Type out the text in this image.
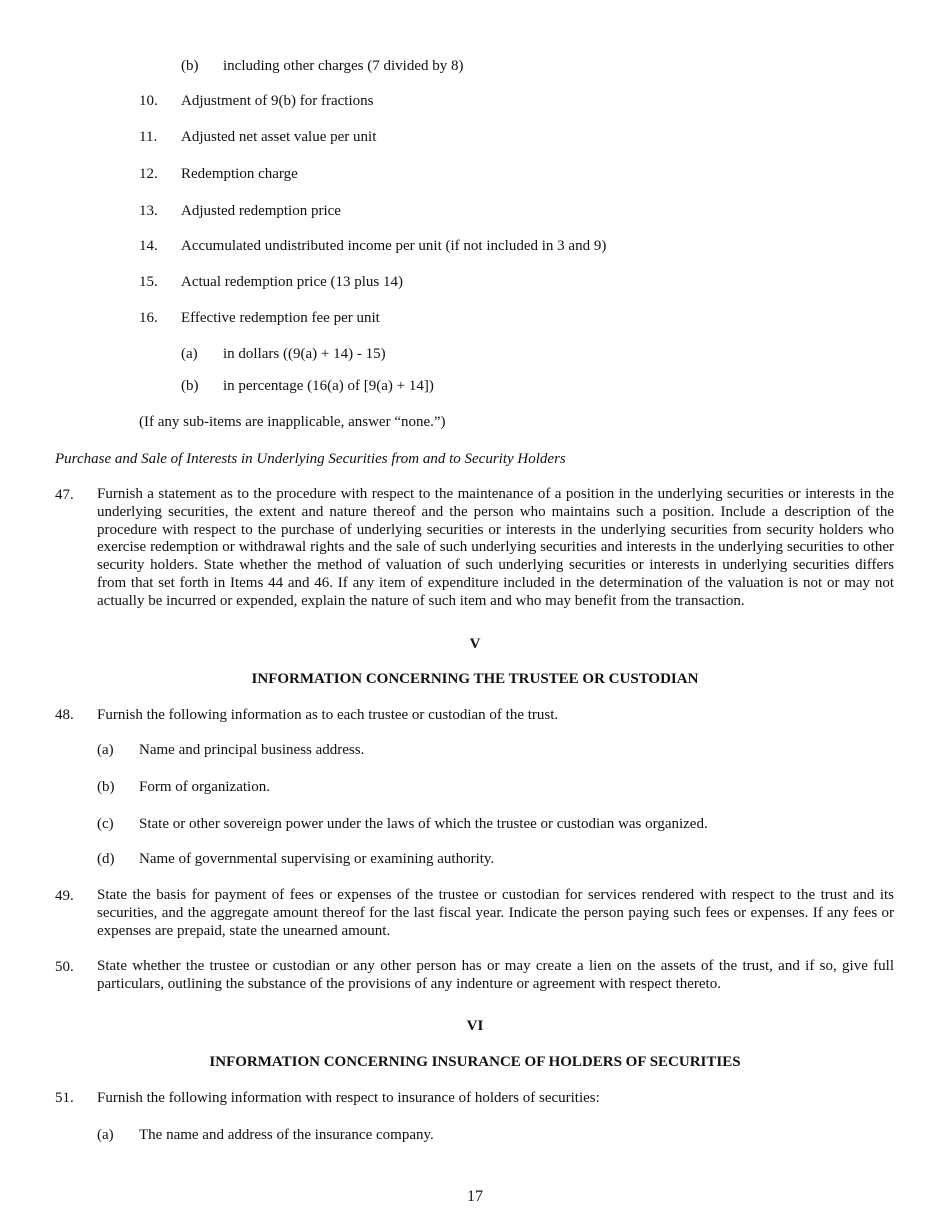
(b) including other charges (7 divided by 8)
10. Adjustment of 9(b) for fractions
11. Adjusted net asset value per unit
12. Redemption charge
13. Adjusted redemption price
14. Accumulated undistributed income per unit (if not included in 3 and 9)
15. Actual redemption price (13 plus 14)
16. Effective redemption fee per unit
(a) in dollars ((9(a) + 14) - 15)
(b) in percentage (16(a) of [9(a) + 14])
(If any sub-items are inapplicable, answer “none.”)
Purchase and Sale of Interests in Underlying Securities from and to Security Holders
47. Furnish a statement as to the procedure with respect to the maintenance of a position in the underlying securities or interests in the underlying securities, the extent and nature thereof and the person who maintains such a position. Include a description of the procedure with respect to the purchase of underlying securities or interests in the underlying securities from security holders who exercise redemption or withdrawal rights and the sale of such underlying securities and interests in the underlying securities to other security holders. State whether the method of valuation of such underlying securities or interests in underlying securities differs from that set forth in Items 44 and 46. If any item of expenditure included in the determination of the valuation is not or may not actually be incurred or expended, explain the nature of such item and who may benefit from the transaction.
V
INFORMATION CONCERNING THE TRUSTEE OR CUSTODIAN
48. Furnish the following information as to each trustee or custodian of the trust.
(a) Name and principal business address.
(b) Form of organization.
(c) State or other sovereign power under the laws of which the trustee or custodian was organized.
(d) Name of governmental supervising or examining authority.
49. State the basis for payment of fees or expenses of the trustee or custodian for services rendered with respect to the trust and its securities, and the aggregate amount thereof for the last fiscal year. Indicate the person paying such fees or expenses. If any fees or expenses are prepaid, state the unearned amount.
50. State whether the trustee or custodian or any other person has or may create a lien on the assets of the trust, and if so, give full particulars, outlining the substance of the provisions of any indenture or agreement with respect thereto.
VI
INFORMATION CONCERNING INSURANCE OF HOLDERS OF SECURITIES
51. Furnish the following information with respect to insurance of holders of securities:
(a) The name and address of the insurance company.
17
